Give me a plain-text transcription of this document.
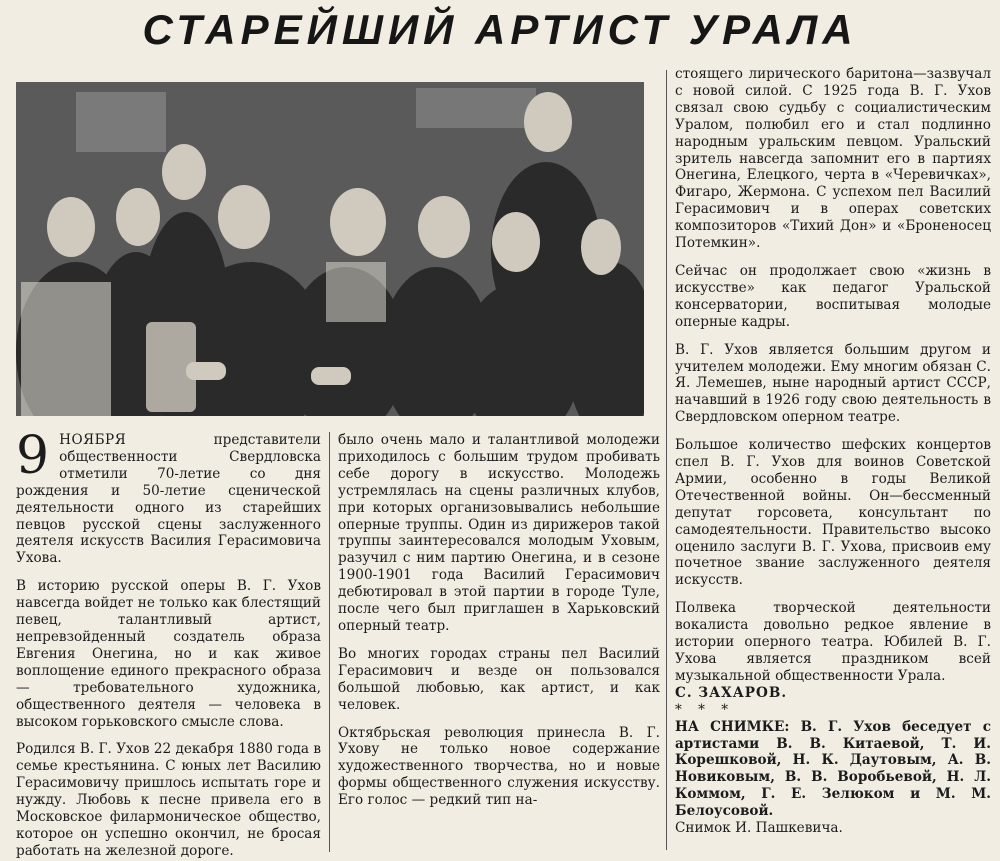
СТАРЕЙШИЙ АРТИСТ УРАЛА

9 НОЯБРЯ представители общественности Свердловска отметили 70-летие со дня рождения и 50-летие сценической деятельности одного из старейших певцов русской сцены заслуженного деятеля искусств Василия Герасимовича Ухова.

В историю русской оперы В. Г. Ухов навсегда войдет не только как блестящий певец, талантливый артист, непревзойденный создатель образа Евгения Онегина, но и как живое воплощение единого прекрасного образа — требовательного художника, общественного деятеля — человека в высоком горьковского смысле слова.

Родился В. Г. Ухов 22 декабря 1880 года в семье крестьянина. С юных лет Василию Герасимовичу пришлось испытать горе и нужду. Любовь к песне привела его в Московское филармоническое общество, которое он успешно окончил, не бросая работать на железной дороге.

было очень мало и талантливой молодежи приходилось с большим трудом пробивать себе дорогу в искусство. Молодежь устремлялась на сцены различных клубов, при которых организовывались небольшие оперные труппы. Один из дирижеров такой труппы заинтересовался молодым Уховым, разучил с ним партию Онегина, и в сезоне 1900-1901 года Василий Герасимович дебютировал в этой партии в городе Туле, после чего был приглашен в Харьковский оперный театр.

Во многих городах страны пел Василий Герасимович и везде он пользовался большой любовью, как артист, и как человек.

Октябрьская революция принесла В. Г. Ухову не только новое содержание художественного творчества, но и новые формы общественного служения искусству. Его голос — редкий тип на-

стоящего лирического баритона—зазвучал с новой силой. С 1925 года В. Г. Ухов связал свою судьбу с социалистическим Уралом, полюбил его и стал подлинно народным уральским певцом. Уральский зритель навсегда запомнит его в партиях Онегина, Елецкого, черта в «Черевичках», Фигаро, Жермона. С успехом пел Василий Герасимович и в операх советских композиторов «Тихий Дон» и «Броненосец Потемкин».

Сейчас он продолжает свою «жизнь в искусстве» как педагог Уральской консерватории, воспитывая молодые оперные кадры.

В. Г. Ухов является большим другом и учителем молодежи. Ему многим обязан С. Я. Лемешев, ныне народный артист СССР, начавший в 1926 году свою деятельность в Свердловском оперном театре.

Большое количество шефских концертов спел В. Г. Ухов для воинов Советской Армии, особенно в годы Великой Отечественной войны. Он—бессменный депутат горсовета, консультант по самодеятельности. Правительство высоко оценило заслуги В. Г. Ухова, присвоив ему почетное звание заслуженного деятеля искусств.

Полвека творческой деятельности вокалиста довольно редкое явление в истории оперного театра. Юбилей В. Г. Ухова является праздником всей музыкальной общественности Урала.

С. ЗАХАРОВ.

* * *

НА СНИМКЕ: В. Г. Ухов беседует с артистами В. В. Китаевой, Т. И. Корешковой, Н. К. Даутовым, А. В. Новиковым, В. В. Воробьевой, Н. Л. Коммом, Г. Е. Зелюком и М. М. Белоусовой.

Снимок И. Пашкевича.
